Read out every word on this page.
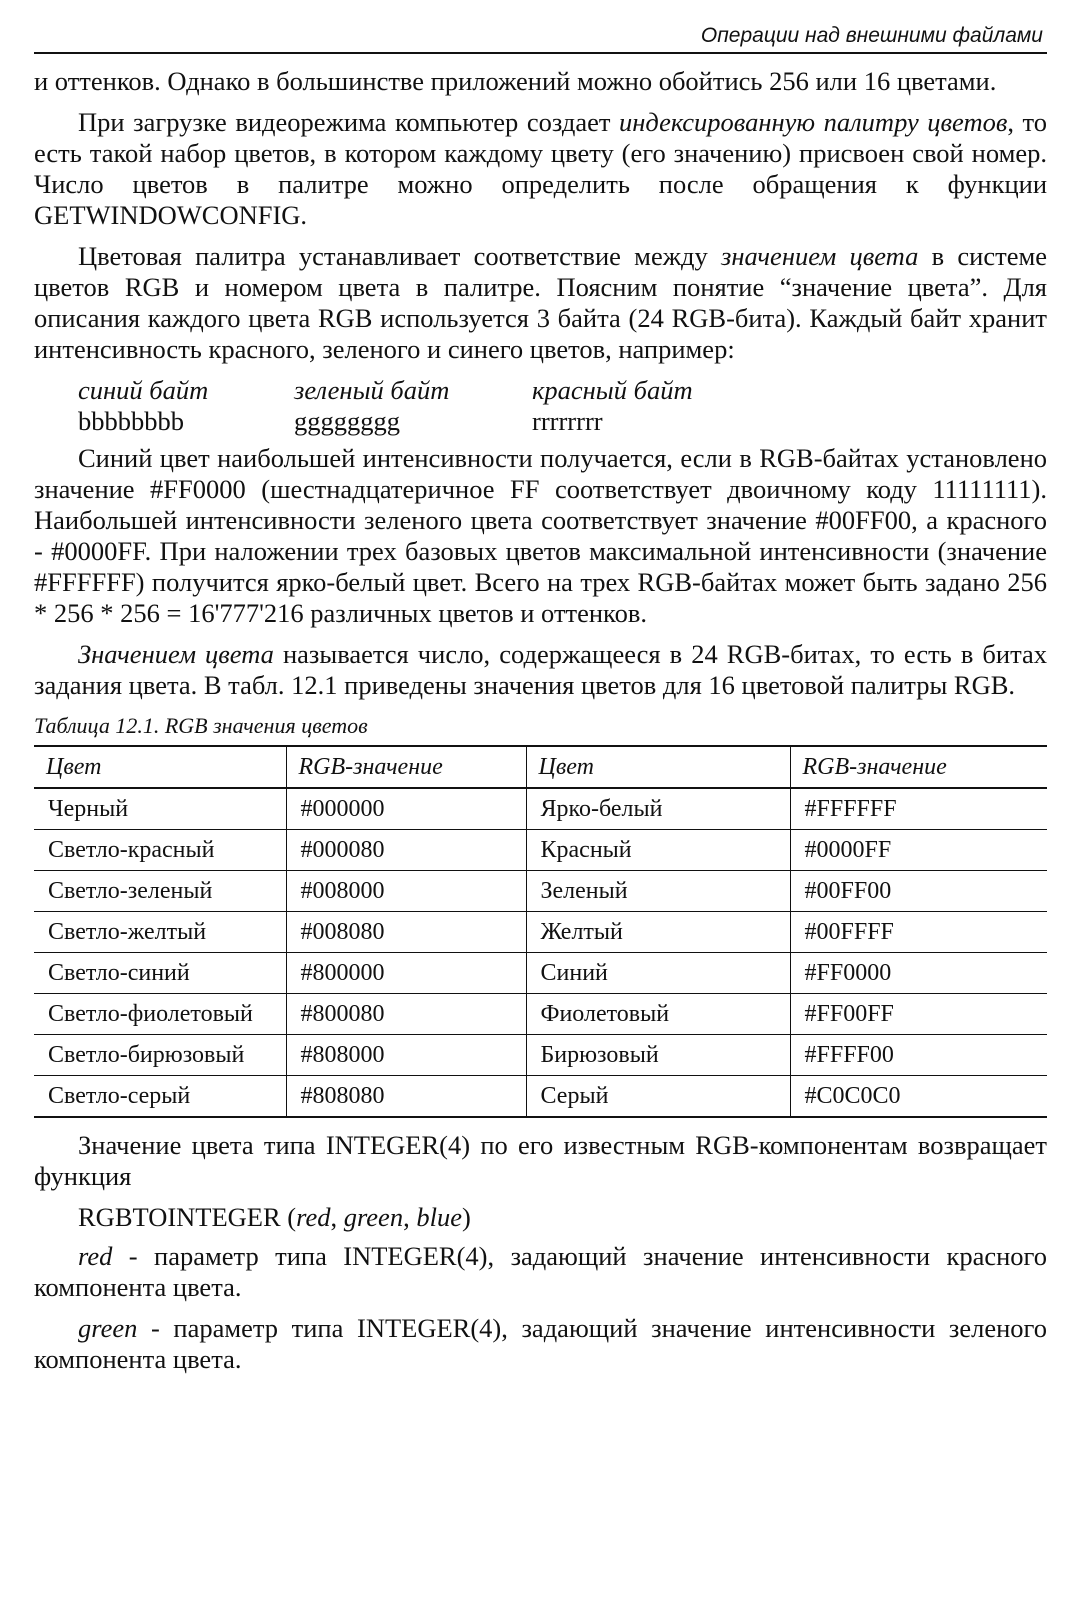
Операции над внешними файлами

и оттенков. Однако в большинстве приложений можно обойтись 256 или 16 цветами.

При загрузке видеорежима компьютер создает индексированную палитру цветов, то есть такой набор цветов, в котором каждому цвету (его значению) присвоен свой номер. Число цветов в палитре можно определить после обращения к функции GETWINDOWCONFIG.

Цветовая палитра устанавливает соответствие между значением цвета в системе цветов RGB и номером цвета в палитре. Поясним понятие “значение цвета”. Для описания каждого цвета RGB используется 3 байта (24 RGB-бита). Каждый байт хранит интенсивность красного, зеленого и синего цветов, например:

синий байт	зеленый байт	красный байт
bbbbbbbb	gggggggg	rrrrrrrr

Синий цвет наибольшей интенсивности получается, если в RGB-байтах установлено значение #FF0000 (шестнадцатеричное FF соответствует двоичному коду 11111111). Наибольшей интенсивности зеленого цвета соответствует значение #00FF00, а красного - #0000FF. При наложении трех базовых цветов максимальной интенсивности (значение #FFFFFF) получится ярко-белый цвет. Всего на трех RGB-байтах может быть задано 256 * 256 * 256 = 16'777'216 различных цветов и оттенков.

Значением цвета называется число, содержащееся в 24 RGB-битах, то есть в битах задания цвета. В табл. 12.1 приведены значения цветов для 16 цветовой палитры RGB.

Таблица 12.1. RGB значения цветов
Цвет	RGB-значение	Цвет	RGB-значение
Черный	#000000	Ярко-белый	#FFFFFF
Светло-красный	#000080	Красный	#0000FF
Светло-зеленый	#008000	Зеленый	#00FF00
Светло-желтый	#008080	Желтый	#00FFFF
Светло-синий	#800000	Синий	#FF0000
Светло-фиолетовый	#800080	Фиолетовый	#FF00FF
Светло-бирюзовый	#808000	Бирюзовый	#FFFF00
Светло-серый	#808080	Серый	#C0C0C0

Значение цвета типа INTEGER(4) по его известным RGB-компонентам возвращает функция

RGBTOINTEGER (red, green, blue)

red - параметр типа INTEGER(4), задающий значение интенсивности красного компонента цвета.

green - параметр типа INTEGER(4), задающий значение интенсивности зеленого компонента цвета.
